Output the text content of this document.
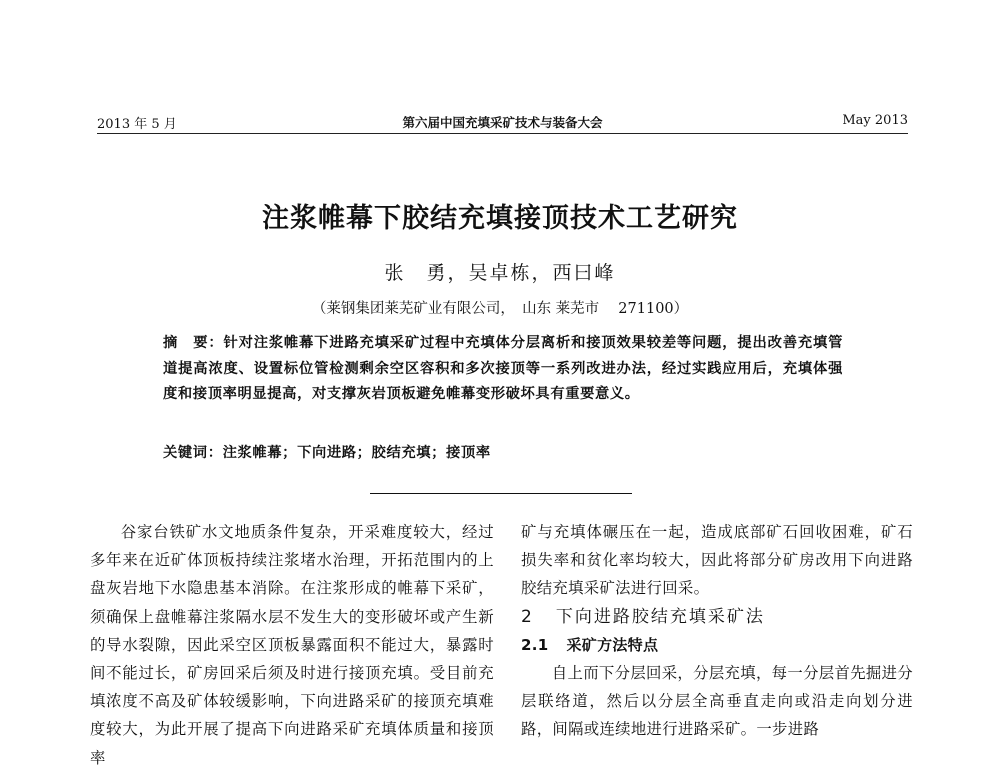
2013 年 5 月	第六届中国充填采矿技术与装备大会	May 2013
注浆帷幕下胶结充填接顶技术工艺研究
张　勇，吴卓栋，西曰峰
（莱钢集团莱芜矿业有限公司，　山东 莱芜市　 271100）
摘　要：针对注浆帷幕下进路充填采矿过程中充填体分层离析和接顶效果较差等问题，提出改善充填管道提高浓度、设置标位管检测剩余空区容积和多次接顶等一系列改进办法，经过实践应用后，充填体强度和接顶率明显提高，对支撑灰岩顶板避免帷幕变形破坏具有重要意义。
关键词：注浆帷幕；下向进路；胶结充填；接顶率

谷家台铁矿水文地质条件复杂，开采难度较大，经过多年来在近矿体顶板持续注浆堵水治理，开拓范围内的上盘灰岩地下水隐患基本消除。在注浆形成的帷幕下采矿，须确保上盘帷幕注浆隔水层不发生大的变形破坏或产生新的导水裂隙，因此采空区顶板暴露面积不能过大，暴露时间不能过长，矿房回采后须及时进行接顶充填。受目前充填浓度不高及矿体较缓影响，下向进路采矿的接顶充填难度较大，为此开展了提高下向进路采矿充填体质量和接顶率

矿与充填体碾压在一起，造成底部矿石回收困难，矿石损失率和贫化率均较大，因此将部分矿房改用下向进路胶结充填采矿法进行回采。

2 下向进路胶结充填采矿法

2.1 采矿方法特点

自上而下分层回采，分层充填，每一分层首先掘进分层联络道，然后以分层全高垂直走向或沿走向划分进路，间隔或连续地进行进路采矿。一步进路
